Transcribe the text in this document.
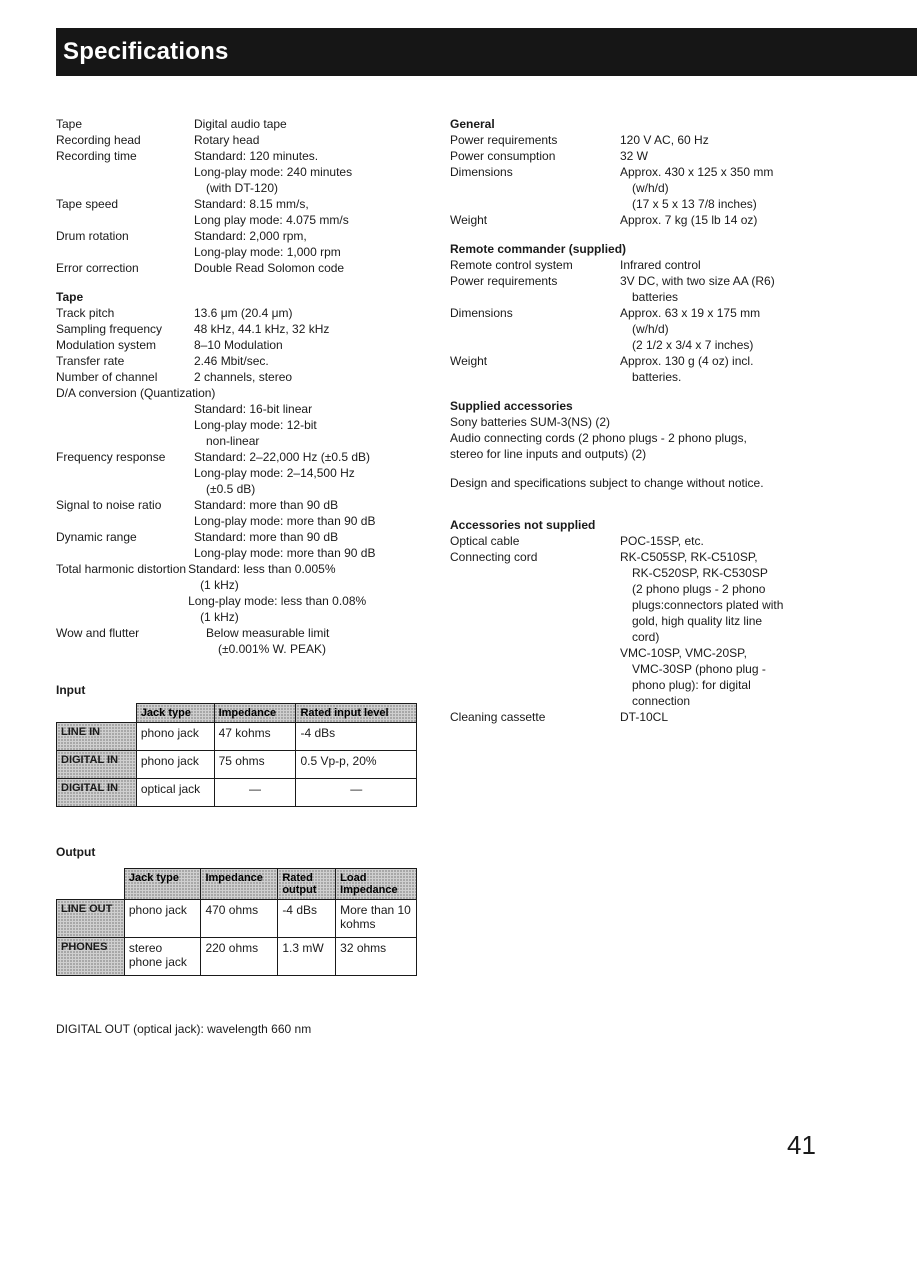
Specifications
Tape	Digital audio tape
Recording head	Rotary head
Recording time	Standard: 120 minutes.
Long-play mode: 240 minutes
(with DT-120)
Tape speed	Standard: 8.15 mm/s,
Long play mode: 4.075 mm/s
Drum rotation	Standard: 2,000 rpm,
Long-play mode: 1,000 rpm
Error correction	Double Read Solomon code
Tape
Track pitch	13.6 μm (20.4 μm)
Sampling frequency	48 kHz, 44.1 kHz, 32 kHz
Modulation system	8–10 Modulation
Transfer rate	2.46 Mbit/sec.
Number of channel	2 channels, stereo
D/A conversion (Quantization)
Standard: 16-bit linear
Long-play mode: 12-bit
non-linear
Frequency response	Standard: 2–22,000 Hz (±0.5 dB)
Long-play mode: 2–14,500 Hz
(±0.5 dB)
Signal to noise ratio	Standard: more than 90 dB
Long-play mode: more than 90 dB
Dynamic range	Standard: more than 90 dB
Long-play mode: more than 90 dB
Total harmonic distortion Standard: less than 0.005%
(1 kHz)
Long-play mode: less than 0.08%
(1 kHz)
Wow and flutter	Below measurable limit
(±0.001% W. PEAK)
Input
	Jack type	Impedance	Rated input level
LINE IN	phono jack	47 kohms	-4 dBs
DIGITAL IN	phono jack	75 ohms	0.5 Vp-p, 20%
DIGITAL IN	optical jack	—	—
Output
	Jack type	Impedance	Rated output	Load Impedance
LINE OUT	phono jack	470 ohms	-4 dBs	More than 10 kohms
PHONES	stereo phone jack	220 ohms	1.3 mW	32 ohms
DIGITAL OUT (optical jack): wavelength 660 nm
General
Power requirements	120 V AC, 60 Hz
Power consumption	32 W
Dimensions	Approx. 430 x 125 x 350 mm
(w/h/d)
(17 x 5 x 13 7/8 inches)
Weight	Approx. 7 kg (15 lb 14 oz)
Remote commander (supplied)
Remote control system	Infrared control
Power requirements	3V DC, with two size AA (R6)
batteries
Dimensions	Approx. 63 x 19 x 175 mm
(w/h/d)
(2 1/2 x 3/4 x 7 inches)
Weight	Approx. 130 g (4 oz) incl.
batteries.
Supplied accessories
Sony batteries SUM-3(NS) (2)
Audio connecting cords (2 phono plugs - 2 phono plugs,
stereo for line inputs and outputs) (2)
Design and specifications subject to change without notice.
Accessories not supplied
Optical cable	POC-15SP, etc.
Connecting cord	RK-C505SP, RK-C510SP,
RK-C520SP, RK-C530SP
(2 phono plugs - 2 phono
plugs:connectors plated with
gold, high quality litz line
cord)
VMC-10SP, VMC-20SP,
VMC-30SP (phono plug -
phono plug): for digital
connection
Cleaning cassette	DT-10CL
41
